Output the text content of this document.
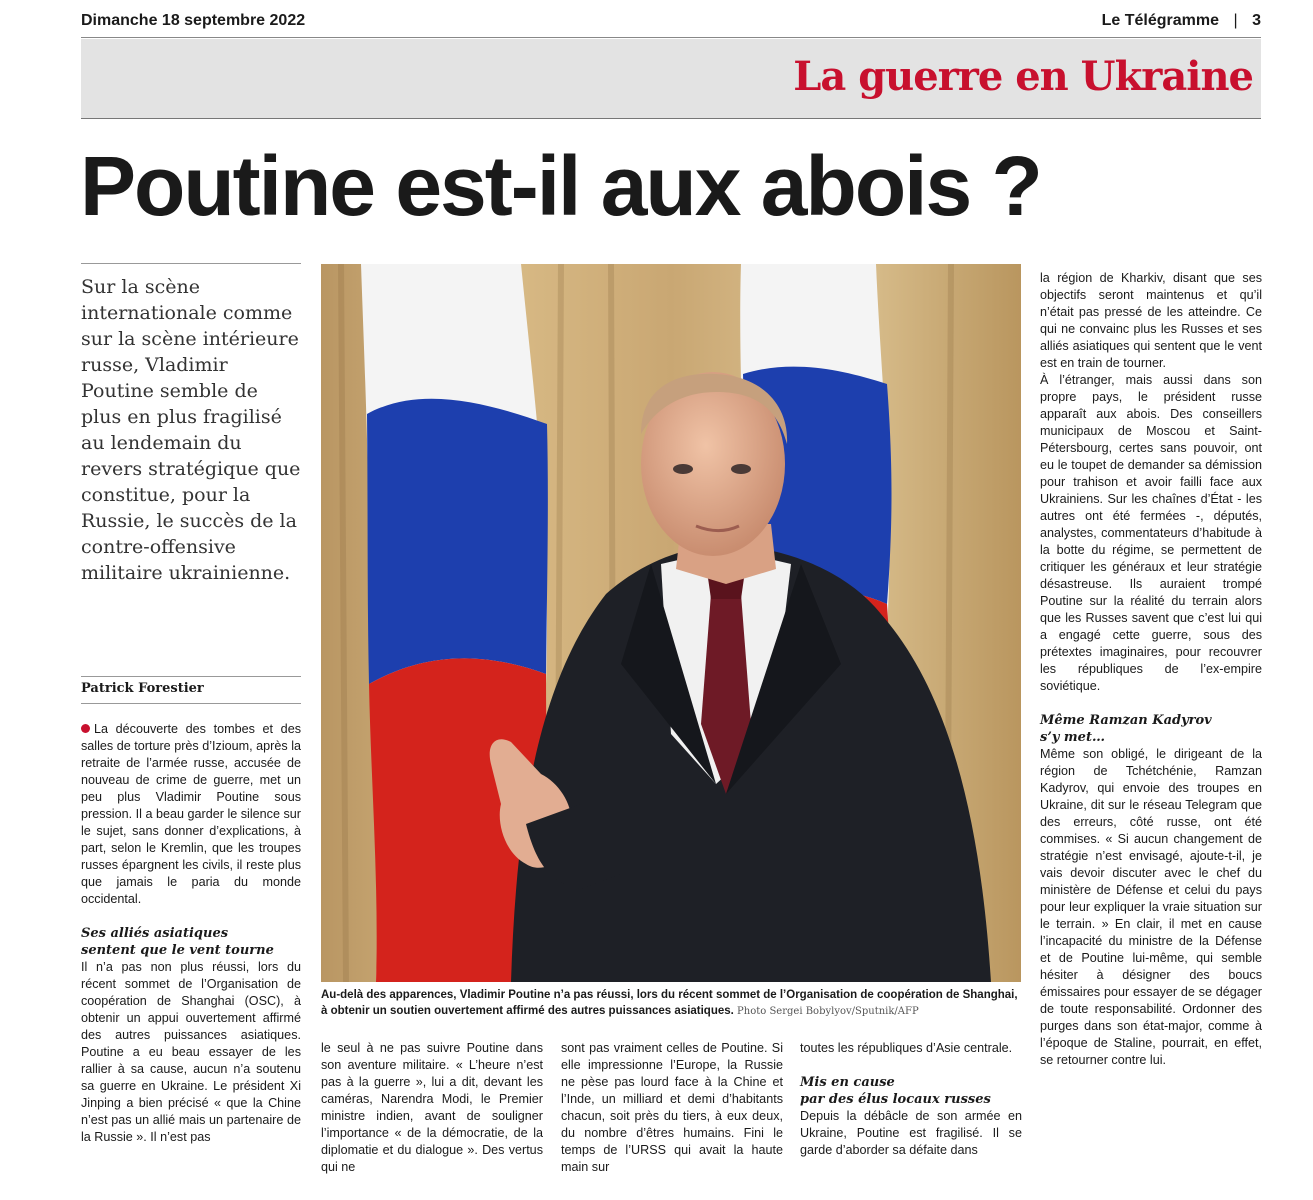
Dimanche 18 septembre 2022	Le Télégramme | 3
La guerre en Ukraine
Poutine est-il aux abois ?
Sur la scène internationale comme sur la scène intérieure russe, Vladimir Poutine semble de plus en plus fragilisé au lendemain du revers stratégique que constitue, pour la Russie, le succès de la contre-offensive militaire ukrainienne.
Patrick Forestier

La découverte des tombes et des salles de torture près d’Izioum, après la retraite de l’armée russe, accusée de nouveau de crime de guerre, met un peu plus Vladimir Poutine sous pression. Il a beau garder le silence sur le sujet, sans donner d’explications, à part, selon le Kremlin, que les troupes russes épargnent les civils, il reste plus que jamais le paria du monde occidental.

Ses alliés asiatiques
sentent que le vent tourne

Il n’a pas non plus réussi, lors du récent sommet de l’Organisation de coopération de Shanghai (OSC), à obtenir un appui ouvertement affirmé des autres puissances asiatiques. Poutine a eu beau essayer de les rallier à sa cause, aucun n’a soutenu sa guerre en Ukraine. Le président Xi Jinping a bien précisé « que la Chine n’est pas un allié mais un partenaire de la Russie ». Il n’est pas

Au-delà des apparences, Vladimir Poutine n’a pas réussi, lors du récent sommet de l’Organisation de coopération de Shanghai, à obtenir un soutien ouvertement affirmé des autres puissances asiatiques. Photo Sergei Bobylyov/Sputnik/AFP

le seul à ne pas suivre Poutine dans son aventure militaire. « L’heure n’est pas à la guerre », lui a dit, devant les caméras, Narendra Modi, le Premier ministre indien, avant de souligner l’importance « de la démocratie, de la diplomatie et du dialogue ». Des vertus qui ne

sont pas vraiment celles de Poutine. Si elle impressionne l’Europe, la Russie ne pèse pas lourd face à la Chine et l’Inde, un milliard et demi d’habitants chacun, soit près du tiers, à eux deux, du nombre d’êtres humains. Fini le temps de l’URSS qui avait la haute main sur

toutes les républiques d’Asie centrale.

Mis en cause
par des élus locaux russes

Depuis la débâcle de son armée en Ukraine, Poutine est fragilisé. Il se garde d’aborder sa défaite dans

la région de Kharkiv, disant que ses objectifs seront maintenus et qu’il n’était pas pressé de les atteindre. Ce qui ne convainc plus les Russes et ses alliés asiatiques qui sentent que le vent est en train de tourner.

À l’étranger, mais aussi dans son propre pays, le président russe apparaît aux abois. Des conseillers municipaux de Moscou et Saint-Pétersbourg, certes sans pouvoir, ont eu le toupet de demander sa démission pour trahison et avoir failli face aux Ukrainiens. Sur les chaînes d’État - les autres ont été fermées -, députés, analystes, commentateurs d’habitude à la botte du régime, se permettent de critiquer les généraux et leur stratégie désastreuse. Ils auraient trompé Poutine sur la réalité du terrain alors que les Russes savent que c’est lui qui a engagé cette guerre, sous des prétextes imaginaires, pour recouvrer les républiques de l’ex-empire soviétique.

Même Ramzan Kadyrov
s’y met…

Même son obligé, le dirigeant de la région de Tchétchénie, Ramzan Kadyrov, qui envoie des troupes en Ukraine, dit sur le réseau Telegram que des erreurs, côté russe, ont été commises. « Si aucun changement de stratégie n’est envisagé, ajoute-t-il, je vais devoir discuter avec le chef du ministère de Défense et celui du pays pour leur expliquer la vraie situation sur le terrain. » En clair, il met en cause l’incapacité du ministre de la Défense et de Poutine lui-même, qui semble hésiter à désigner des boucs émissaires pour essayer de se dégager de toute responsabilité. Ordonner des purges dans son état-major, comme à l’époque de Staline, pourrait, en effet, se retourner contre lui.
